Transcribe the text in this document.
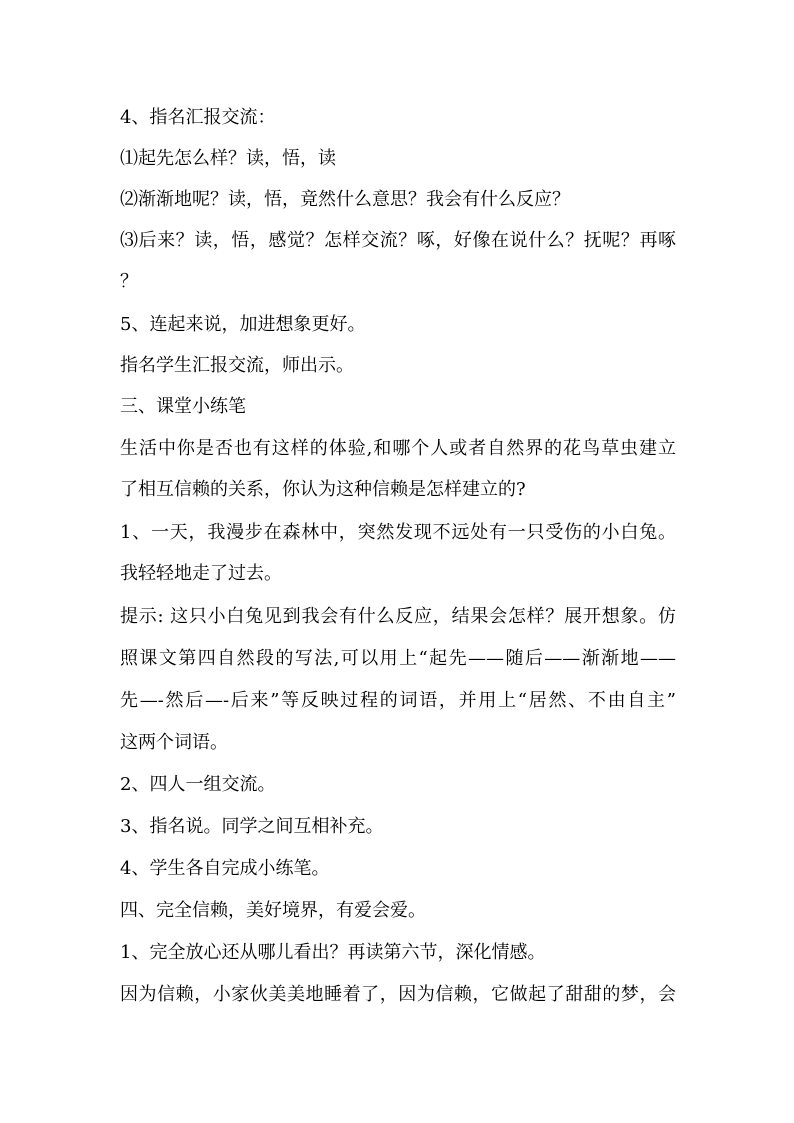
4、指名汇报交流：
⑴起先怎么样？读，悟，读
⑵渐渐地呢？读，悟，竟然什么意思？我会有什么反应？
⑶后来？读，悟，感觉？怎样交流？啄，好像在说什么？抚呢？再啄
？
5、连起来说，加进想象更好。
指名学生汇报交流，师出示。
三、课堂小练笔
生活中你是否也有这样的体验,和哪个人或者自然界的花鸟草虫建立
了相互信赖的关系，你认为这种信赖是怎样建立的?
1、一天，我漫步在森林中，突然发现不远处有一只受伤的小白兔。
我轻轻地走了过去。
提示: 这只小白兔见到我会有什么反应，结果会怎样？展开想象。仿
照课文第四自然段的写法,可以用上“起先——随后——渐渐地——
先—-然后—-后来”等反映过程的词语，并用上“居然、不由自主”
这两个词语。
2、四人一组交流。
3、指名说。同学之间互相补充。
4、学生各自完成小练笔。
四、完全信赖，美好境界，有爱会爱。
1、完全放心还从哪儿看出？再读第六节，深化情感。
因为信赖，小家伙美美地睡着了，因为信赖，它做起了甜甜的梦，会
